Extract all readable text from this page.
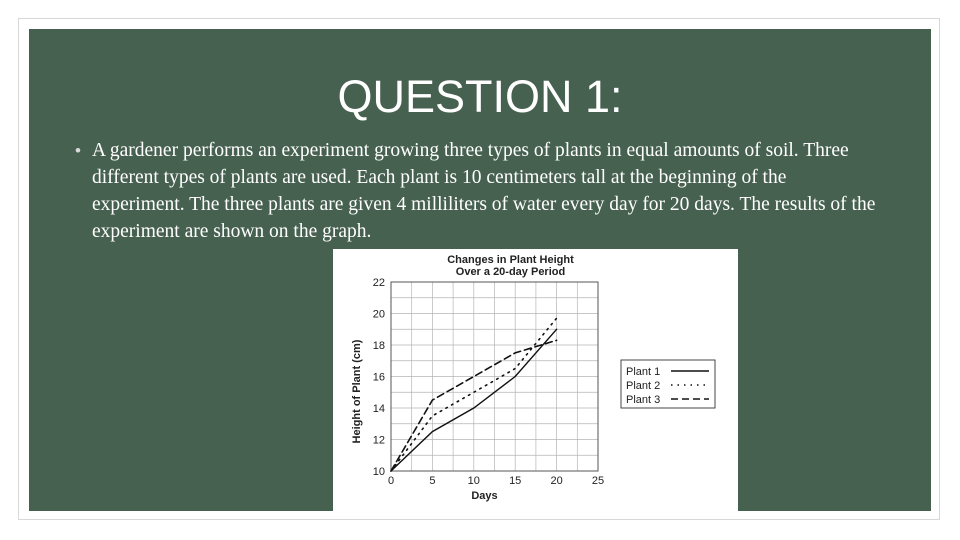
QUESTION 1:
• A gardener performs an experiment growing three types of plants in equal amounts of soil. Three different types of plants are used. Each plant is 10 centimeters tall at the beginning of the experiment. The three plants are given 4 milliliters of water every day for 20 days. The results of the experiment are shown on the graph.
0	5	10	15	20	25
10
12
14
16
18
20
22
Changes in Plant Height
Over a 20-day Period
Days
Height of Plant (cm)	Plant 1
Plant 2
Plant 3
